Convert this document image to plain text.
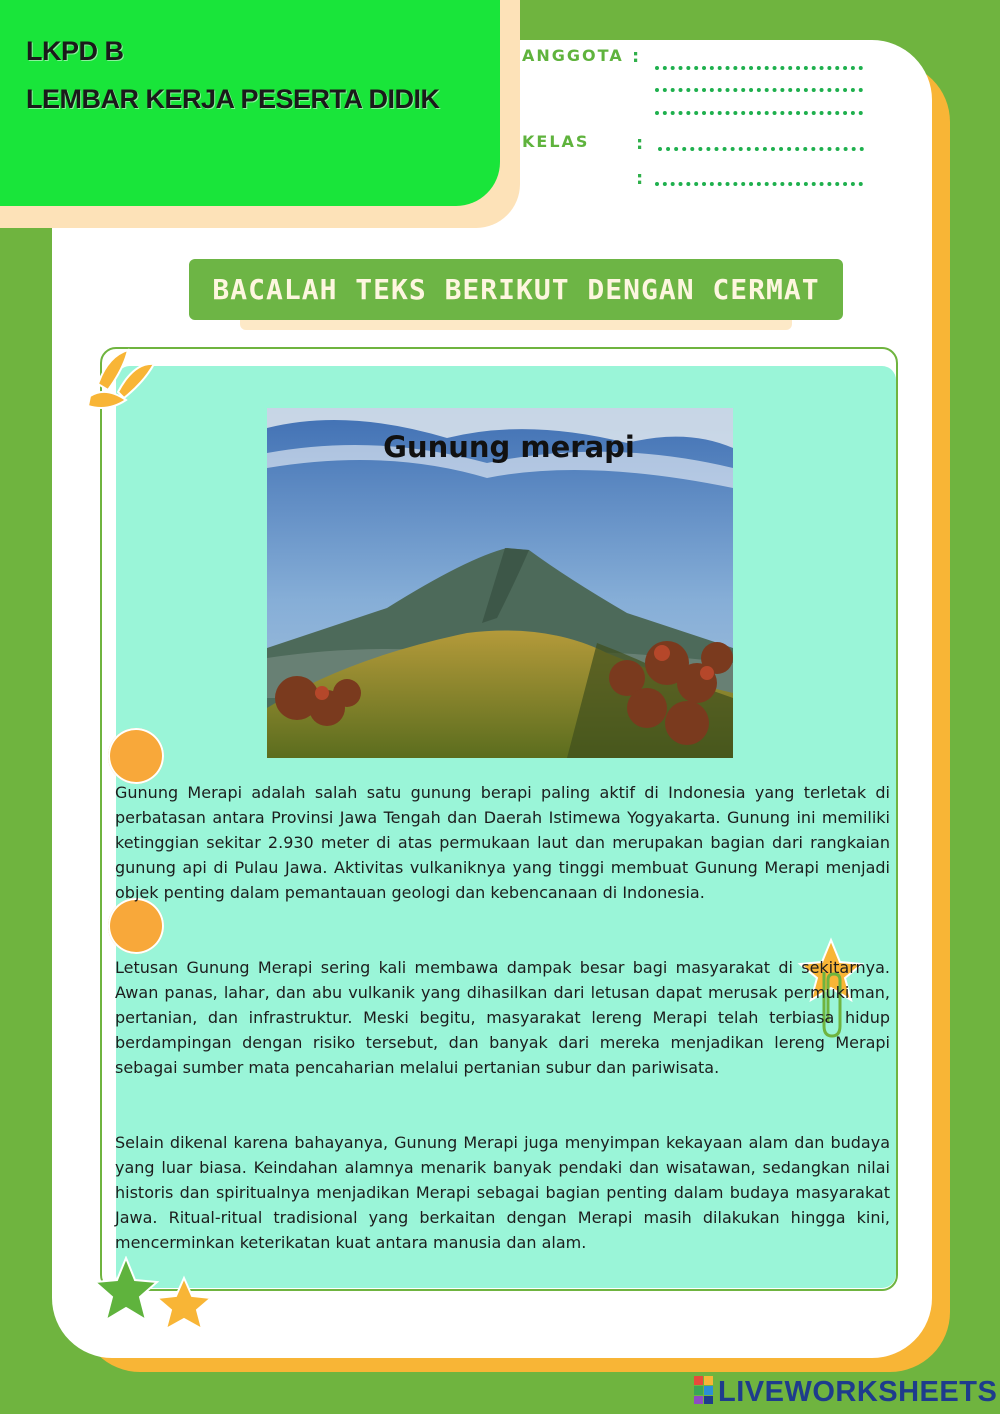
LKPD B
LEMBAR KERJA PESERTA DIDIK
ANGGOTA :
KELAS	:
:
BACALAH TEKS BERIKUT DENGAN CERMAT
Gunung merapi

Gunung Merapi adalah salah satu gunung berapi paling aktif di Indonesia yang terletak di perbatasan antara Provinsi Jawa Tengah dan Daerah Istimewa Yogyakarta. Gunung ini memiliki ketinggian sekitar 2.930 meter di atas permukaan laut dan merupakan bagian dari rangkaian gunung api di Pulau Jawa. Aktivitas vulkaniknya yang tinggi membuat Gunung Merapi menjadi objek penting dalam pemantauan geologi dan kebencanaan di Indonesia.

Letusan Gunung Merapi sering kali membawa dampak besar bagi masyarakat di sekitarnya. Awan panas, lahar, dan abu vulkanik yang dihasilkan dari letusan dapat merusak permukiman, pertanian, dan infrastruktur. Meski begitu, masyarakat lereng Merapi telah terbiasa hidup berdampingan dengan risiko tersebut, dan banyak dari mereka menjadikan lereng Merapi sebagai sumber mata pencaharian melalui pertanian subur dan pariwisata.

Selain dikenal karena bahayanya, Gunung Merapi juga menyimpan kekayaan alam dan budaya yang luar biasa. Keindahan alamnya menarik banyak pendaki dan wisatawan, sedangkan nilai historis dan spiritualnya menjadikan Merapi sebagai bagian penting dalam budaya masyarakat Jawa. Ritual-ritual tradisional yang berkaitan dengan Merapi masih dilakukan hingga kini, mencerminkan keterikatan kuat antara manusia dan alam.

LIVEWORKSHEETS
